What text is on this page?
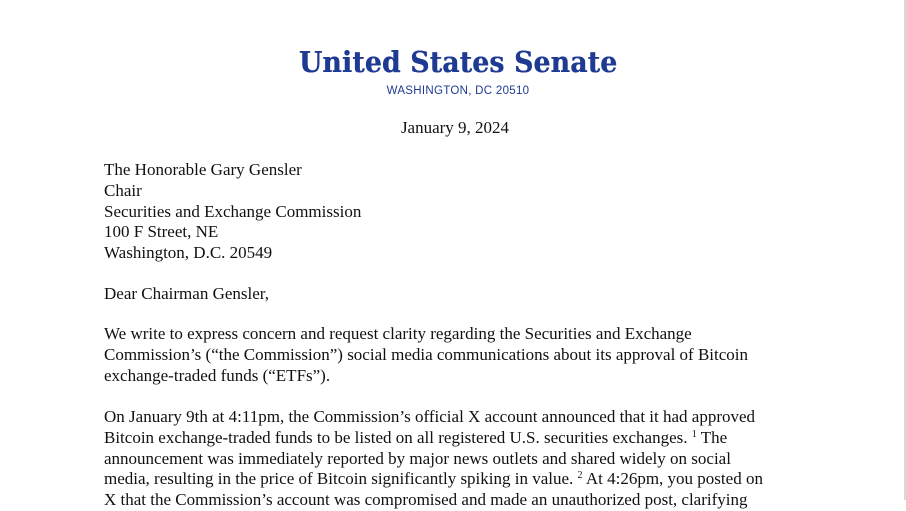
United States Senate
WASHINGTON, DC 20510
January 9, 2024
The Honorable Gary Gensler
Chair
Securities and Exchange Commission
100 F Street, NE
Washington, D.C. 20549
Dear Chairman Gensler,
We write to express concern and request clarity regarding the Securities and Exchange
Commission’s (“the Commission”) social media communications about its approval of Bitcoin
exchange-traded funds (“ETFs”).
On January 9th at 4:11pm, the Commission’s official X account announced that it had approved
Bitcoin exchange-traded funds to be listed on all registered U.S. securities exchanges. $^1$ The
announcement was immediately reported by major news outlets and shared widely on social
media, resulting in the price of Bitcoin significantly spiking in value. $^2$ At 4:26pm, you posted on
X that the Commission’s account was compromised and made an unauthorized post, clarifying
